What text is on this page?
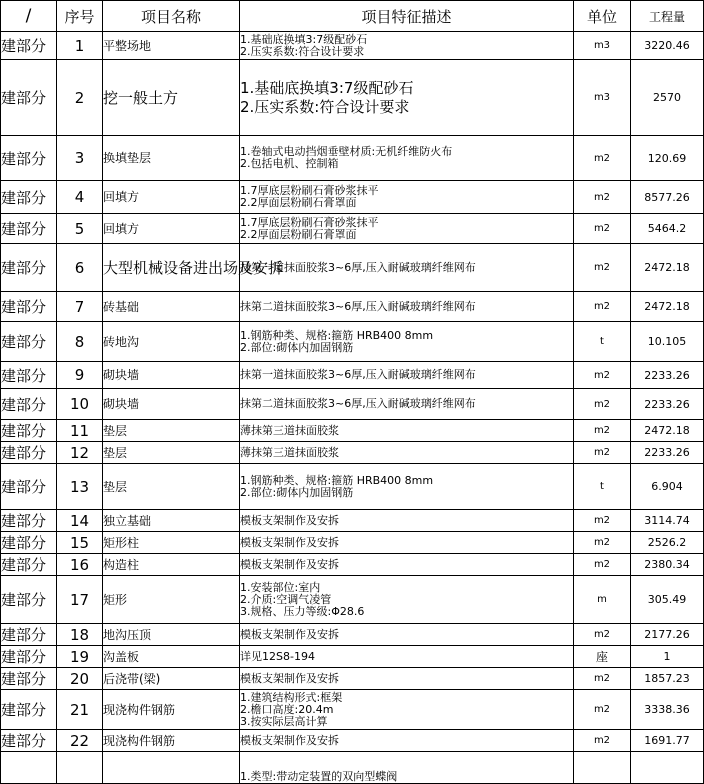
/	序号	项目名称	项目特征描述	单位	工程量
建部分	1	平整场地	1.基础底换填3:7级配砂石
2.压实系数:符合设计要求	m3	3220.46
建部分	2	挖一般土方	1.基础底换填3:7级配砂石
2.压实系数:符合设计要求	m3	2570
建部分	3	换填垫层	1.卷轴式电动挡烟垂壁材质:无机纤维防火布
2.包括电机、控制箱	m2	120.69
建部分	4	回填方	1.7厚底层粉刷石膏砂浆抹平
2.2厚面层粉刷石膏罩面	m2	8577.26
建部分	5	回填方	1.7厚底层粉刷石膏砂浆抹平
2.2厚面层粉刷石膏罩面	m2	5464.2
建部分	6	大型机械设备进出场及安拆	抹第一道抹面胶浆3~6厚,压入耐碱玻璃纤维网布	m2	2472.18
建部分	7	砖基础	抹第二道抹面胶浆3~6厚,压入耐碱玻璃纤维网布	m2	2472.18
建部分	8	砖地沟	1.钢筋种类、规格:箍筋 HRB400 8mm
2.部位:砌体内加固钢筋	t	10.105
建部分	9	砌块墙	抹第一道抹面胶浆3~6厚,压入耐碱玻璃纤维网布	m2	2233.26
建部分	10	砌块墙	抹第二道抹面胶浆3~6厚,压入耐碱玻璃纤维网布	m2	2233.26
建部分	11	垫层	薄抹第三道抹面胶浆	m2	2472.18
建部分	12	垫层	薄抹第三道抹面胶浆	m2	2233.26
建部分	13	垫层	1.钢筋种类、规格:箍筋 HRB400 8mm
2.部位:砌体内加固钢筋	t	6.904
建部分	14	独立基础	模板支架制作及安拆	m2	3114.74
建部分	15	矩形柱	模板支架制作及安拆	m2	2526.2
建部分	16	构造柱	模板支架制作及安拆	m2	2380.34
建部分	17	矩形	1.安装部位:室内
2.介质:空调气凌管
3.规格、压力等级:Φ28.6	m	305.49
建部分	18	地沟压顶	模板支架制作及安拆	m2	2177.26
建部分	19	沟盖板	详见12S8-194	座	1
建部分	20	后浇带(梁)	模板支架制作及安拆	m2	1857.23
建部分	21	现浇构件钢筋	1.建筑结构形式:框架
2.檐口高度:20.4m
3.按实际层高计算	m2	3338.36
建部分	22	现浇构件钢筋	模板支架制作及安拆	m2	1691.77

			1.类型:带动定装置的双向型蝶阀		
